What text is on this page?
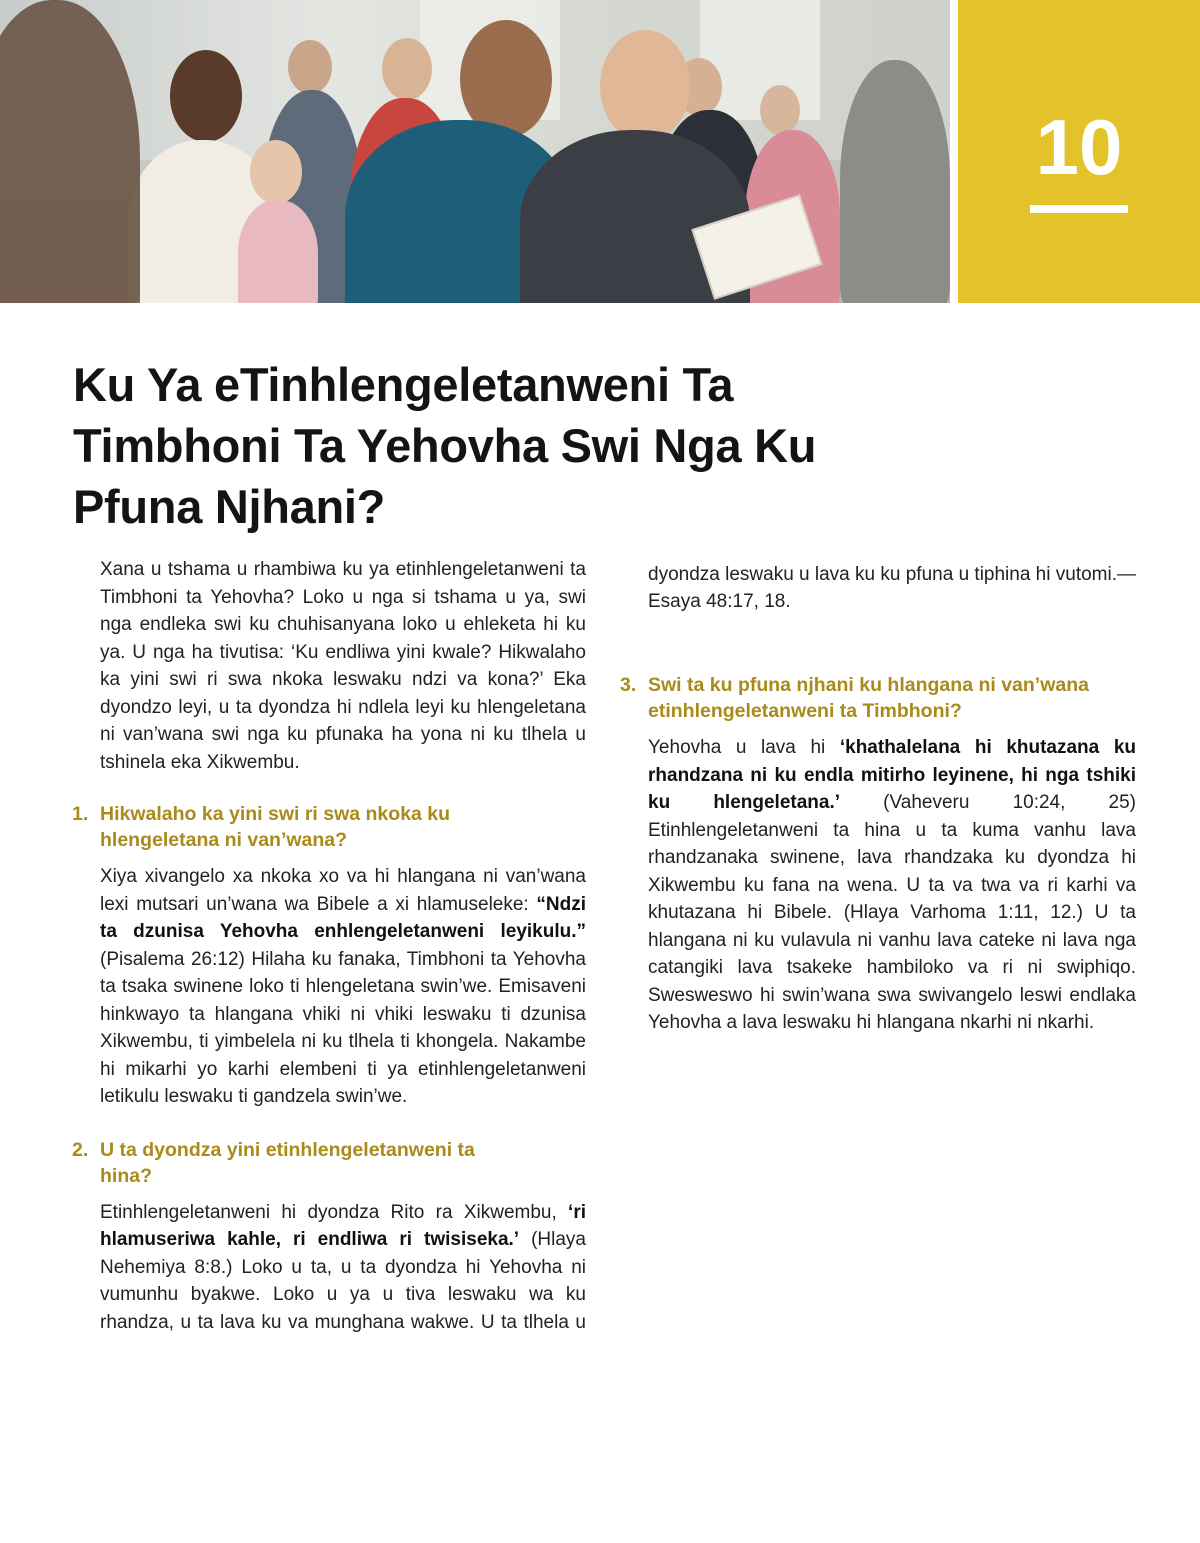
10
Ku Ya eTinhlengeletanweni Ta Timbhoni Ta Yehovha Swi Nga Ku Pfuna Njhani?

Xana u tshama u rhambiwa ku ya etinhlengeletanweni ta Timbhoni ta Yehovha? Loko u nga si tshama u ya, swi nga endleka swi ku chuhisanyana loko u ehleketa hi ku ya. U nga ha tivutisa: ‘Ku endliwa yini kwale? Hikwalaho ka yini swi ri swa nkoka leswaku ndzi va kona?’ Eka dyondzo leyi, u ta dyondza hi ndlela leyi ku hlengeletana ni van’wana swi nga ku pfunaka ha yona ni ku tlhela u tshinela eka Xikwembu.

1. Hikwalaho ka yini swi ri swa nkoka ku hlengeletana ni van’wana?

Xiya xivangelo xa nkoka xo va hi hlangana ni van’wana lexi mutsari un’wana wa Bibele a xi hlamuseleke: “Ndzi ta dzunisa Yehovha enhlengeletanweni leyikulu.” (Pisalema 26:12) Hilaha ku fanaka, Timbhoni ta Yehovha ta tsaka swinene loko ti hlengeletana swin’we. Emisaveni hinkwayo ta hlangana vhiki ni vhiki leswaku ti dzunisa Xikwembu, ti yimbelela ni ku tlhela ti khongela. Nakambe hi mikarhi yo karhi elembeni ti ya etinhlengeletanweni letikulu leswaku ti gandzela swin’we.

2. U ta dyondza yini etinhlengeletanweni ta hina?

Etinhlengeletanweni hi dyondza Rito ra Xikwembu, ‘ri hlamuseriwa kahle, ri endliwa ri twisiseka.’ (Hlaya Nehemiya 8:8.) Loko u ta, u ta dyondza hi Yehovha ni vumunhu byakwe. Loko u ya u tiva leswaku wa ku rhandza, u ta lava ku va munghana wakwe. U ta tlhela u

dyondza leswaku u lava ku ku pfuna u tiphina hi vutomi.—Esaya 48:17, 18.

3. Swi ta ku pfuna njhani ku hlangana ni van’wana etinhlengeletanweni ta Timbhoni?

Yehovha u lava hi ‘khathalelana hi khutazana ku rhandzana ni ku endla mitirho leyinene, hi nga tshiki ku hlengeletana.’ (Vaheveru 10:24, 25) Etinhlengeletanweni ta hina u ta kuma vanhu lava rhandzanaka swinene, lava rhandzaka ku dyondza hi Xikwembu ku fana na wena. U ta va twa va ri karhi va khutazana hi Bibele. (Hlaya Varhoma 1:11, 12.) U ta hlangana ni ku vulavula ni vanhu lava cateke ni lava nga catangiki lava tsakeke hambiloko va ri ni swiphiqo. Swesweswo hi swin’wana swa swivangelo leswi endlaka Yehovha a lava leswaku hi hlangana nkarhi ni nkarhi.
